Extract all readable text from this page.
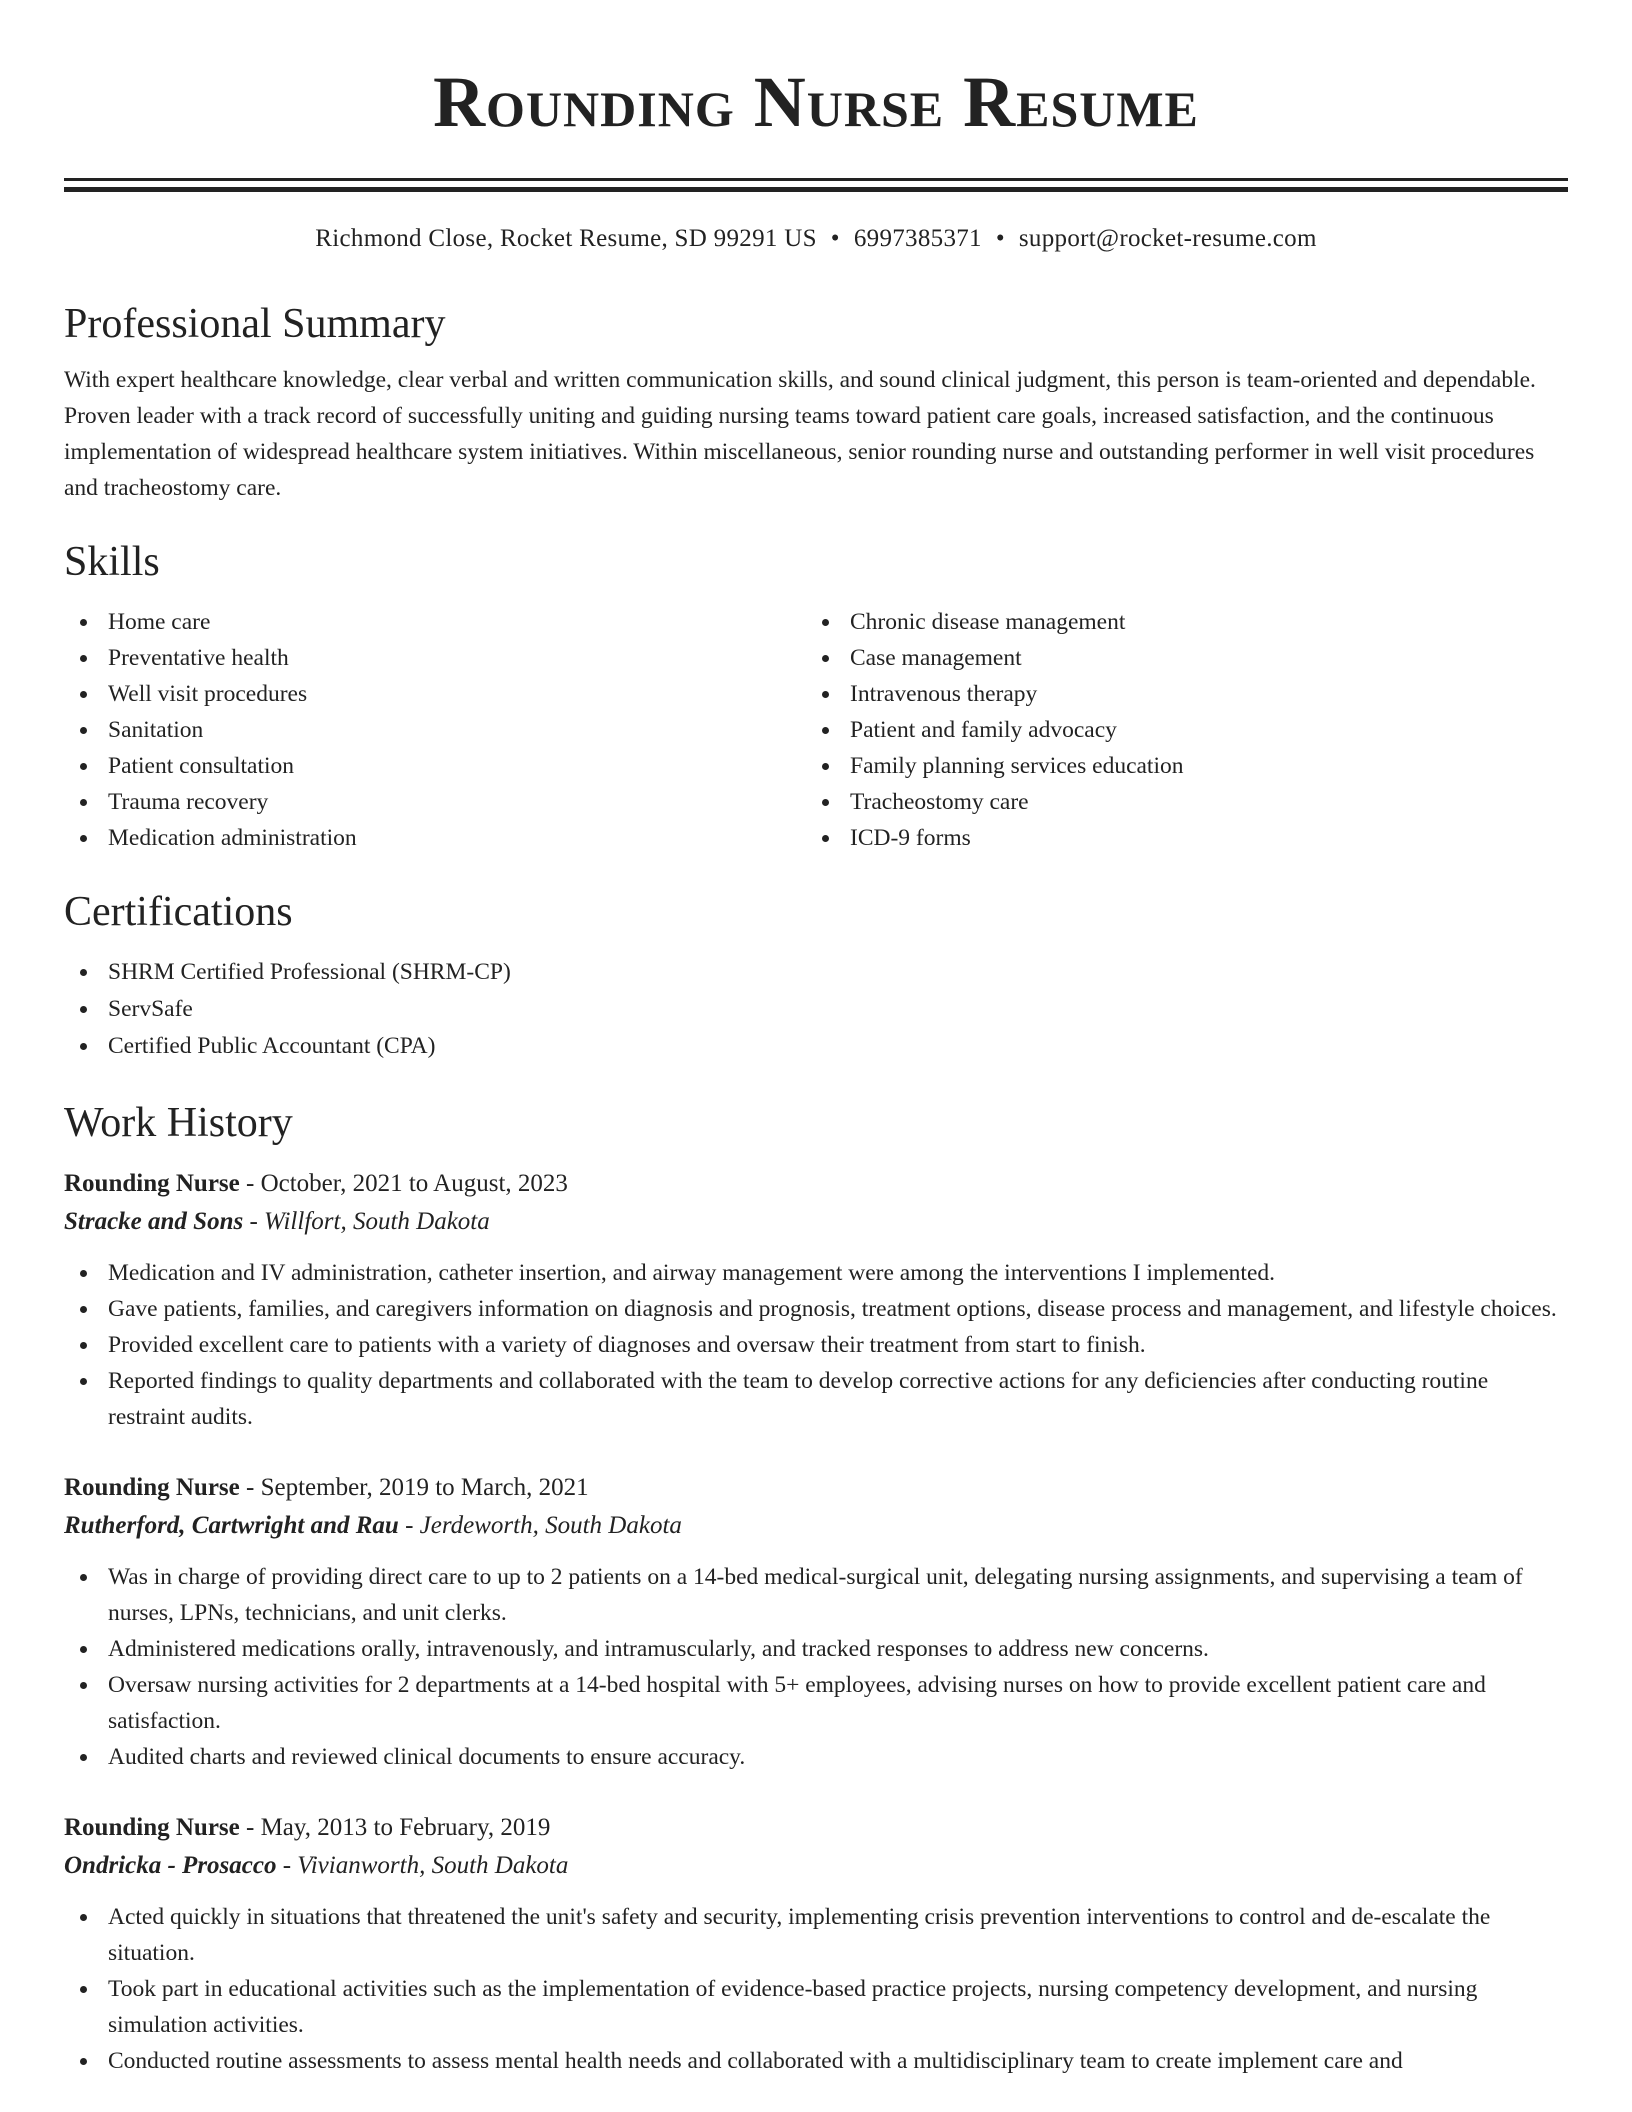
Rounding Nurse Resume
Richmond Close, Rocket Resume, SD 99291 US • 6997385371 • support@rocket-resume.com
Professional Summary

With expert healthcare knowledge, clear verbal and written communication skills, and sound clinical judgment, this person is team-oriented and dependable. Proven leader with a track record of successfully uniting and guiding nursing teams toward patient care goals, increased satisfaction, and the continuous implementation of widespread healthcare system initiatives. Within miscellaneous, senior rounding nurse and outstanding performer in well visit procedures and tracheostomy care.

Skills
Home care
Preventative health
Well visit procedures
Sanitation
Patient consultation
Trauma recovery
Medication administration
Chronic disease management
Case management
Intravenous therapy
Patient and family advocacy
Family planning services education
Tracheostomy care
ICD-9 forms
Certifications
SHRM Certified Professional (SHRM-CP)
ServSafe
Certified Public Accountant (CPA)
Work History
Rounding Nurse - October, 2021 to August, 2023
Stracke and Sons - Willfort, South Dakota
Medication and IV administration, catheter insertion, and airway management were among the interventions I implemented.
Gave patients, families, and caregivers information on diagnosis and prognosis, treatment options, disease process and management, and lifestyle choices.
Provided excellent care to patients with a variety of diagnoses and oversaw their treatment from start to finish.
Reported findings to quality departments and collaborated with the team to develop corrective actions for any deficiencies after conducting routine restraint audits.
Rounding Nurse - September, 2019 to March, 2021
Rutherford, Cartwright and Rau - Jerdeworth, South Dakota
Was in charge of providing direct care to up to 2 patients on a 14-bed medical-surgical unit, delegating nursing assignments, and supervising a team of nurses, LPNs, technicians, and unit clerks.
Administered medications orally, intravenously, and intramuscularly, and tracked responses to address new concerns.
Oversaw nursing activities for 2 departments at a 14-bed hospital with 5+ employees, advising nurses on how to provide excellent patient care and satisfaction.
Audited charts and reviewed clinical documents to ensure accuracy.
Rounding Nurse - May, 2013 to February, 2019
Ondricka - Prosacco - Vivianworth, South Dakota
Acted quickly in situations that threatened the unit's safety and security, implementing crisis prevention interventions to control and de-escalate the situation.
Took part in educational activities such as the implementation of evidence-based practice projects, nursing competency development, and nursing simulation activities.
Conducted routine assessments to assess mental health needs and collaborated with a multidisciplinary team to create implement care and
